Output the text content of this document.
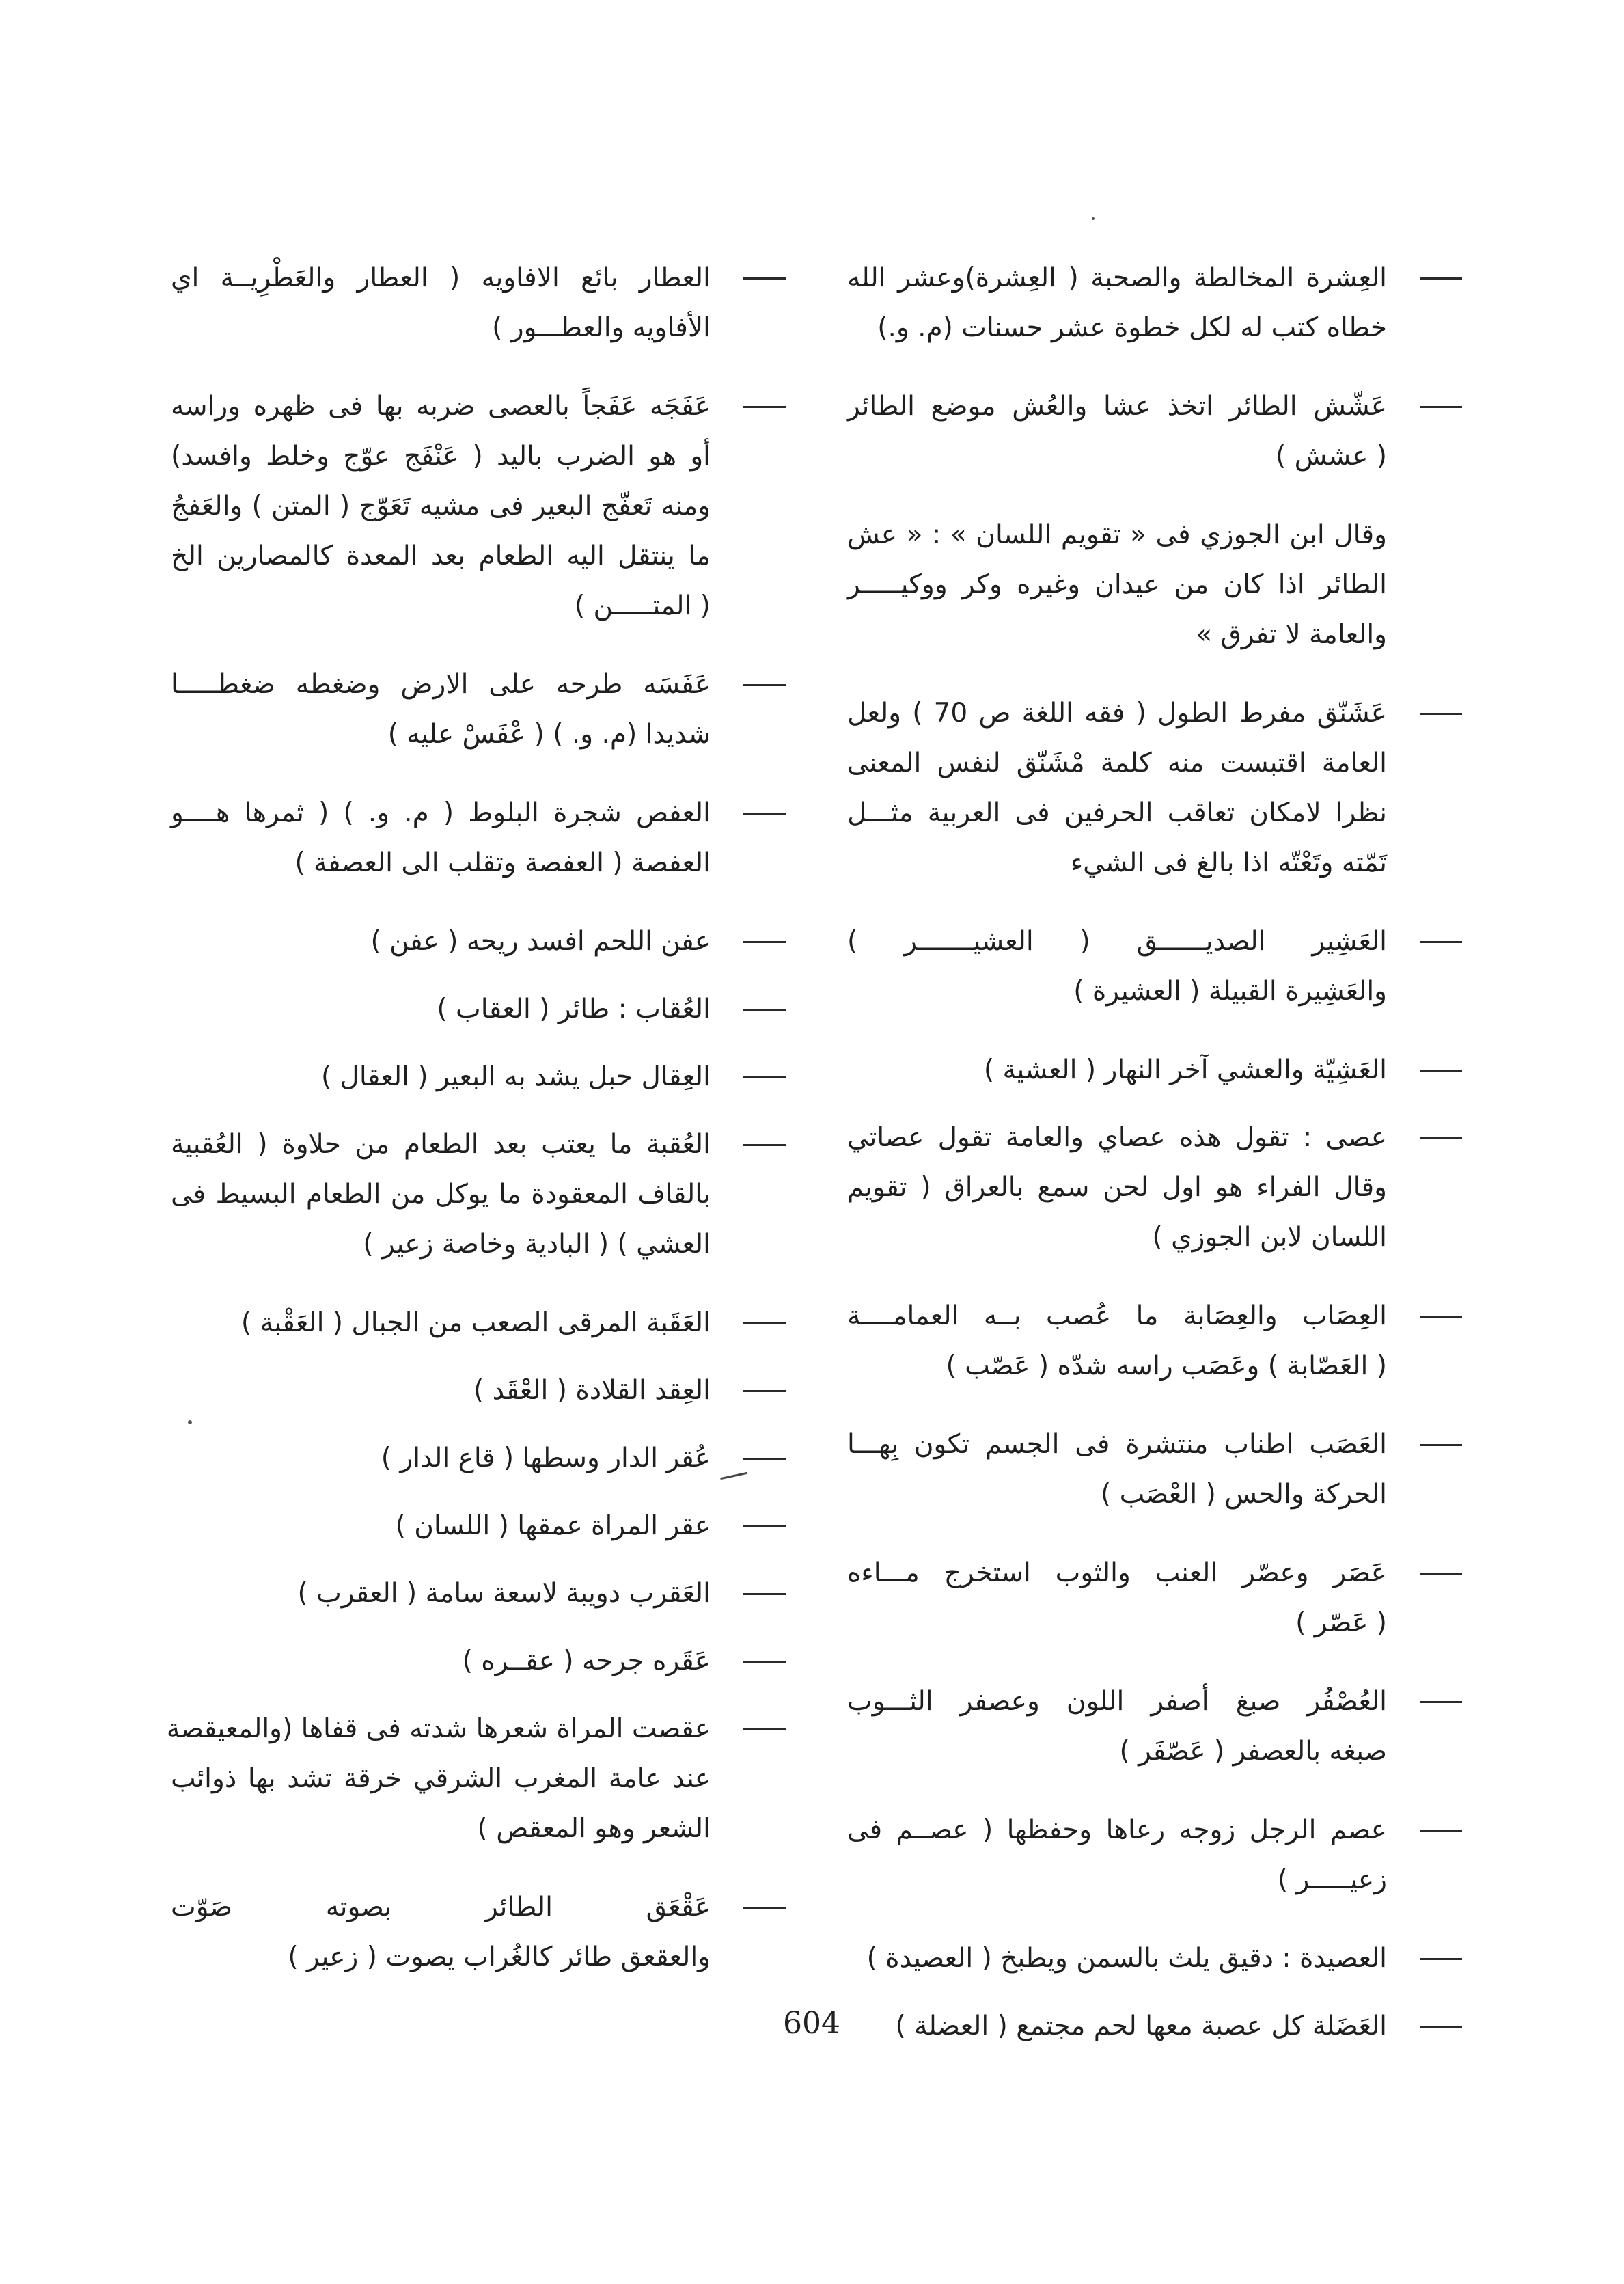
العِشرة المخالطة والصحبة ( العِشرة)وعشر الله
خطاه كتب له لكل خطوة عشر حسنات (م. و.)
عَشّش الطائر اتخذ عشا والعُش موضع الطائر
( عشش )
وقال ابن الجوزي فى « تقويم اللسان » : « عش
الطائر اذا كان من عيدان وغيره وكر ووكيـــــر
والعامة لا تفرق »
عَشَنّق مفرط الطول ( فقه اللغة ص 70 ) ولعل
العامة اقتبست منه كلمة مْشَنّق لنفس المعنى
نظرا لامكان تعاقب الحرفين فى العربية مثـــل
تَمّته وتَعْتّه اذا بالغ فى الشيء
العَشِير الصديــــــق ( العشيـــــــر )
والعَشِيرة القبيلة ( العشيرة )
العَشِيّة والعشي آخر النهار ( العشية )
عصى : تقول هذه عصاي والعامة تقول عصاتي
وقال الفراء هو اول لحن سمع بالعراق ( تقويم
اللسان لابن الجوزي )
العِصَاب والعِصَابة ما عُصب بــه العمامــــة
( العَصّابة ) وعَصَب راسه شدّه ( عَصّب )
العَصَب اطناب منتشرة فى الجسم تكون بِهـــا
الحركة والحس ( العْصَب )
عَصَر وعصّر العنب والثوب استخرج مـــاءه
( عَصّر )
العُصْفُر صبغ أصفر اللون وعصفر الثـــوب
صبغه بالعصفر ( عَصّفَر )
عصم الرجل زوجه رعاها وحفظها ( عصــم فى
زعيـــــر )
العصيدة : دقيق يلث بالسمن ويطبخ ( العصيدة )
العَضَلة كل عصبة معها لحم مجتمع ( العضلة )
العطار بائع الافاويه ( العطار والعَطْرِيــة اي
الأفاويه والعطـــور )
عَفَجَه عَفَجاً بالعصى ضربه بها فى ظهره وراسه
أو هو الضرب باليد ( عَنْفَج عوّج وخلط وافسد)
ومنه تَعفّج البعير فى مشيه تَعَوّج ( المتن ) والعَفجُ
ما ينتقل اليه الطعام بعد المعدة كالمصارين الخ
( المتـــــن )
عَفَسَه طرحه على الارض وضغطه ضغطـــــا
شديدا (م. و. ) ( عْفَسْ عليه )
العفص شجرة البلوط ( م. و. ) ( ثمرها هــــو
العفصة ( العفصة وتقلب الى العصفة )
عفن اللحم افسد ريحه ( عفن )
العُقاب : طائر ( العقاب )
العِقال حبل يشد به البعير ( العقال )
العُقبة ما يعتب بعد الطعام من حلاوة ( العُقبية
بالقاف المعقودة ما يوكل من الطعام البسيط فى
العشي ) ( البادية وخاصة زعير )
العَقَبة المرقى الصعب من الجبال ( العَقْبة )
العِقد القلادة ( العْقَد )
عُقر الدار وسطها ( قاع الدار )
عقر المراة عمقها ( اللسان )
العَقرب دويبة لاسعة سامة ( العقرب )
عَقَره جرحه ( عقــره )
عقصت المراة شعرها شدته فى قفاها (والمعيقصة
عند عامة المغرب الشرقي خرقة تشد بها ذوائب
الشعر وهو المعقص )
عَقْعَق الطائر بصوته صَوّت
والعقعق طائر كالغُراب يصوت ( زعير )
604
